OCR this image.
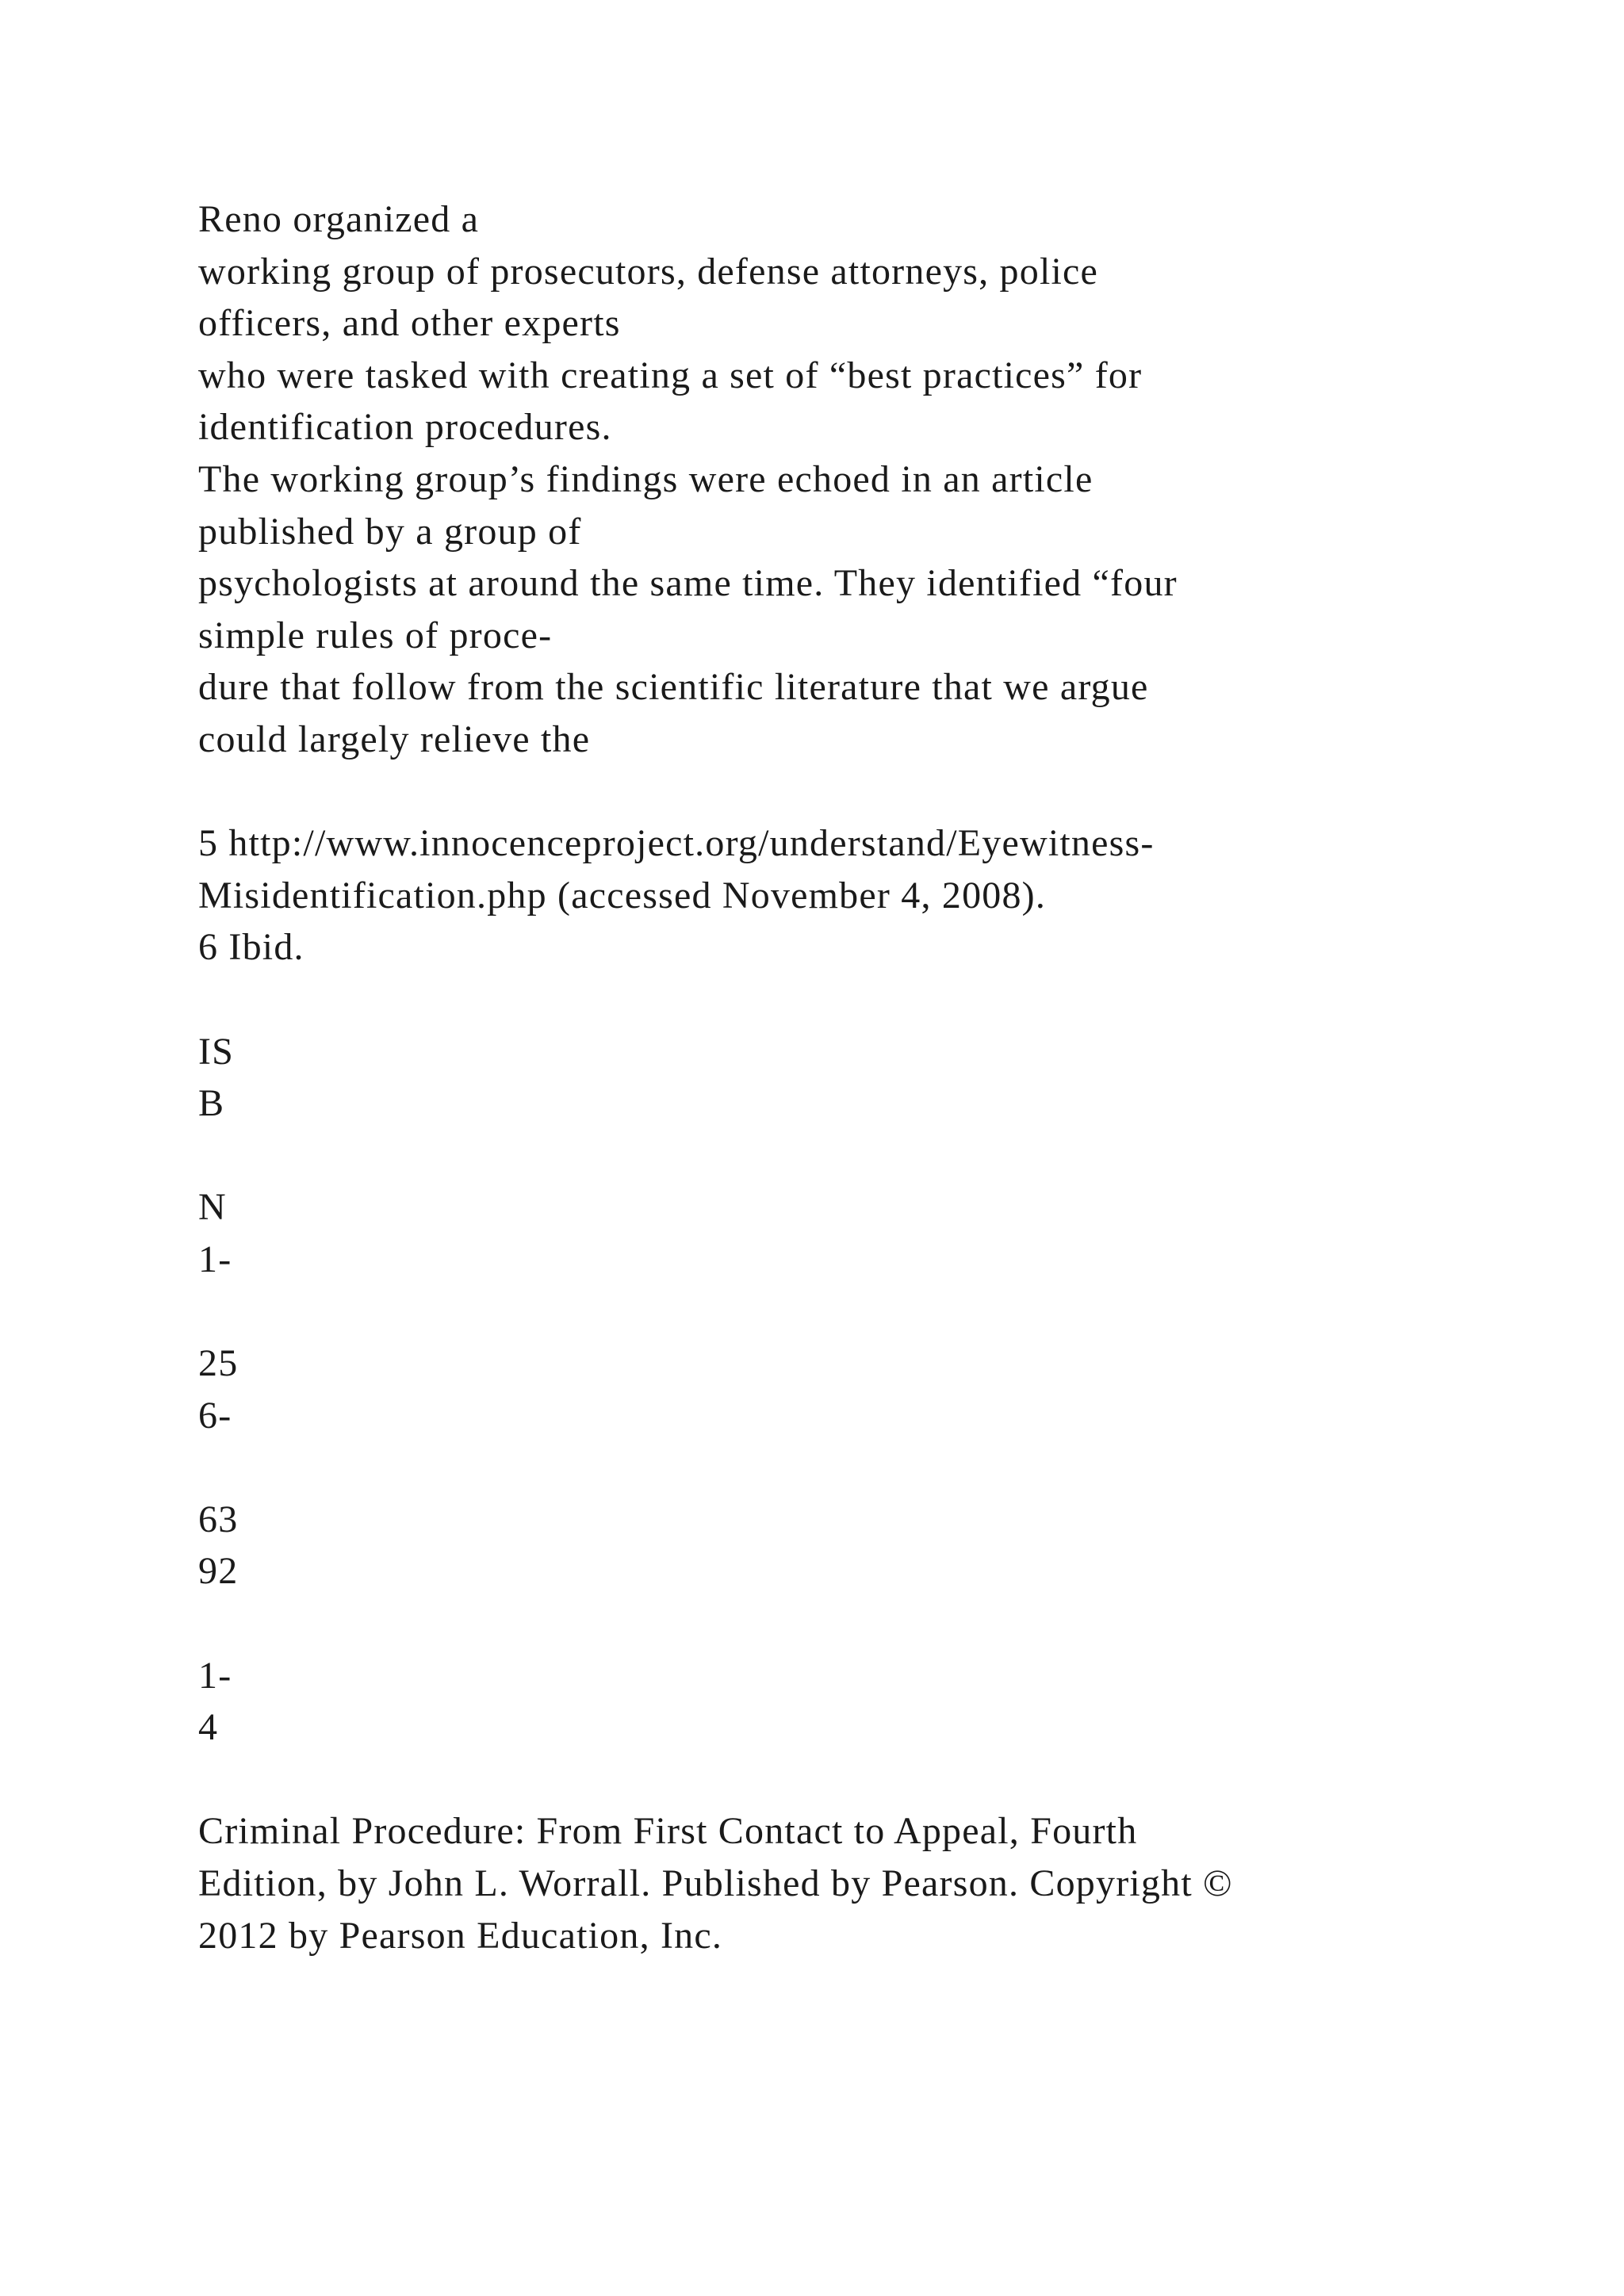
Reno organized a
working group of prosecutors, defense attorneys, police
officers, and other experts
who were tasked with creating a set of “best practices” for
identification procedures.
The working group’s findings were echoed in an article
published by a group of
psychologists at around the same time. They identified “four
simple rules of proce-
dure that follow from the scientific literature that we argue
could largely relieve the
5 http://www.innocenceproject.org/understand/Eyewitness-
Misidentification.php (accessed November 4, 2008).
6 Ibid.
IS
B
N
1-
25
6-
63
92
1-
4
Criminal Procedure: From First Contact to Appeal, Fourth
Edition, by John L. Worrall. Published by Pearson. Copyright ©
2012 by Pearson Education, Inc.
